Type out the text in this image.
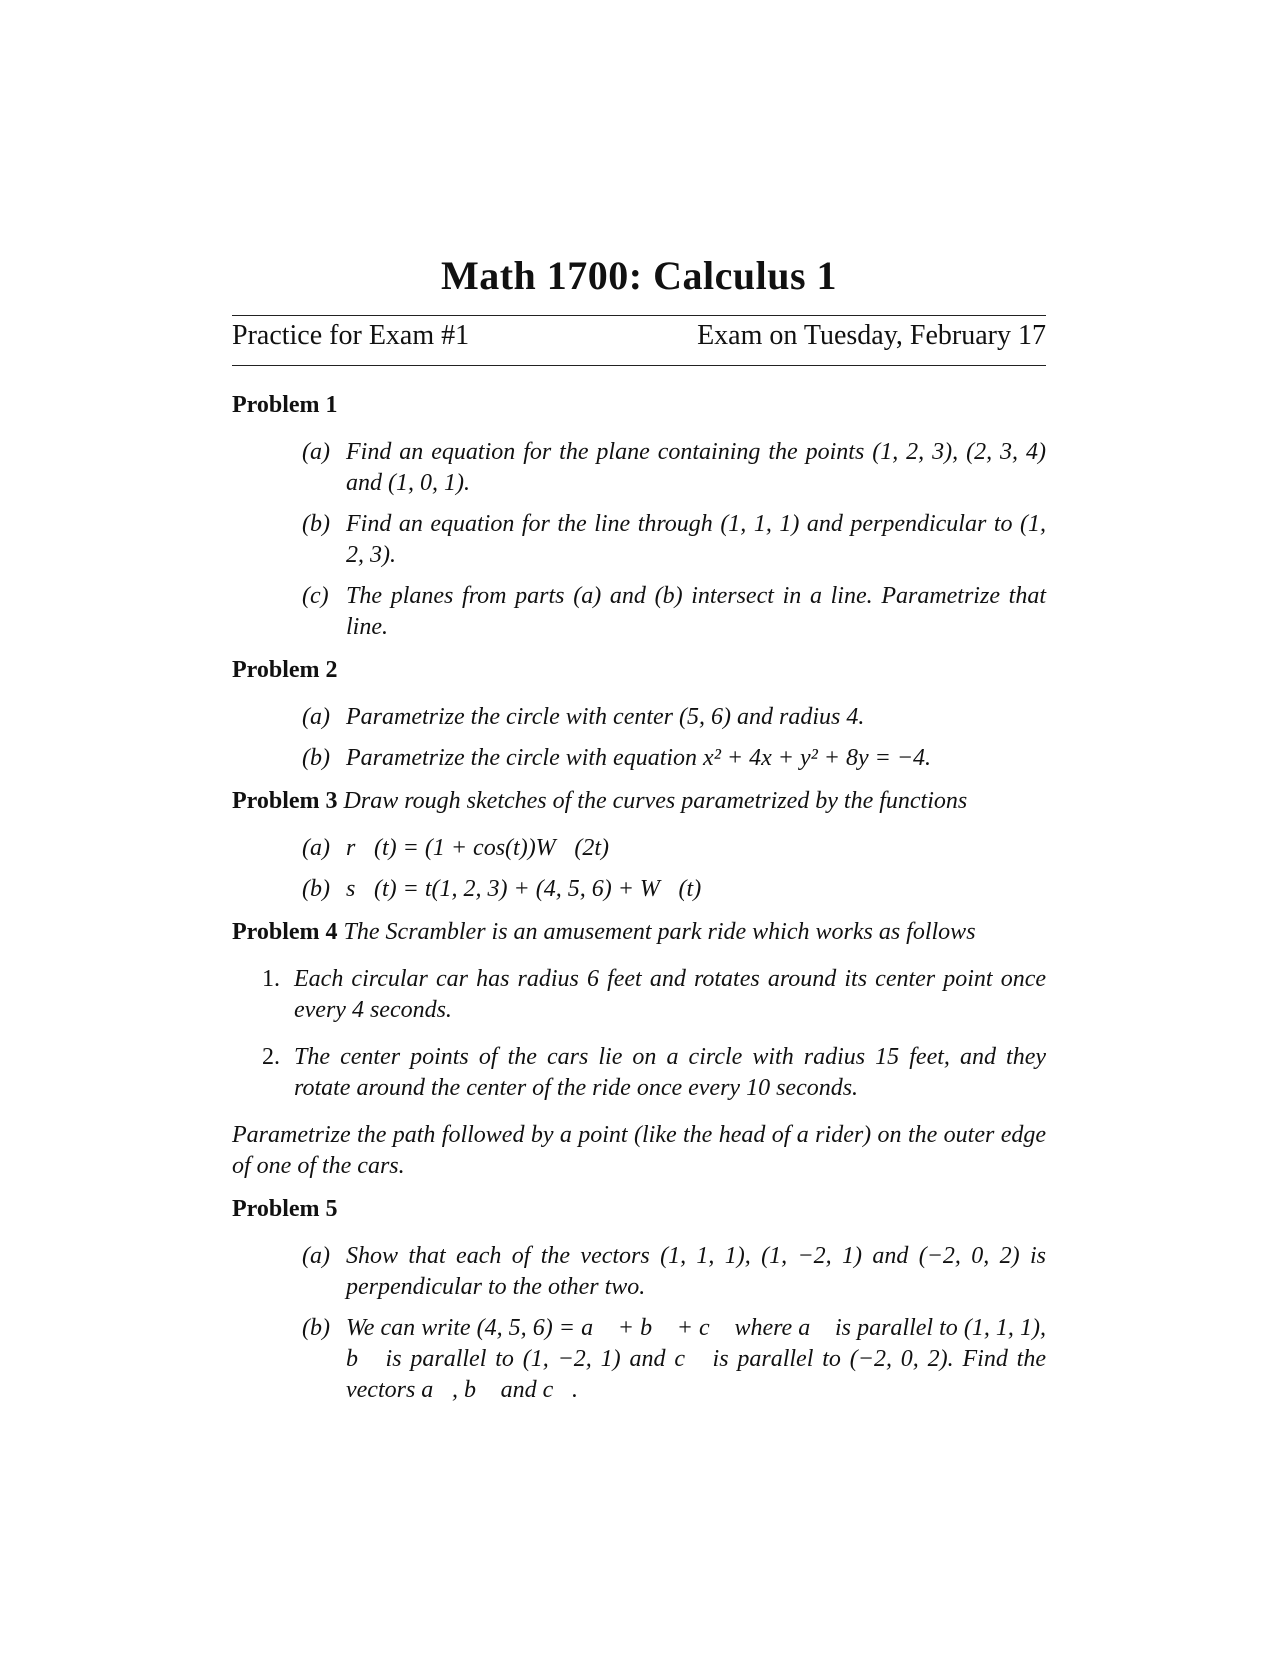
Math 1700: Calculus 1
Practice for Exam #1	Exam on Tuesday, February 17

Problem 1

(a) Find an equation for the plane containing the points (1, 2, 3), (2, 3, 4) and (1, 0, 1).
(b) Find an equation for the line through (1, 1, 1) and perpendicular to (1, 2, 3).
(c) The planes from parts (a) and (b) intersect in a line. Parametrize that line.

Problem 2

(a) Parametrize the circle with center (5, 6) and radius 4.
(b) Parametrize the circle with equation x² + 4x + y² + 8y = −4.

Problem 3 Draw rough sketches of the curves parametrized by the functions

(a) r⃗(t) = (1 + cos(t))W⃗(2t)
(b) s⃗(t) = t(1, 2, 3) + (4, 5, 6) + W⃗(t)

Problem 4 The Scrambler is an amusement park ride which works as follows

1. Each circular car has radius 6 feet and rotates around its center point once every 4 seconds.
2. The center points of the cars lie on a circle with radius 15 feet, and they rotate around the center of the ride once every 10 seconds.

Parametrize the path followed by a point (like the head of a rider) on the outer edge of one of the cars.

Problem 5

(a) Show that each of the vectors (1, 1, 1), (1, −2, 1) and (−2, 0, 2) is perpendicular to the other two.
(b) We can write (4, 5, 6) = a⃗ + b⃗ + c⃗ where a⃗ is parallel to (1, 1, 1), b⃗ is parallel to (1, −2, 1) and c⃗ is parallel to (−2, 0, 2). Find the vectors a⃗, b⃗ and c⃗.
